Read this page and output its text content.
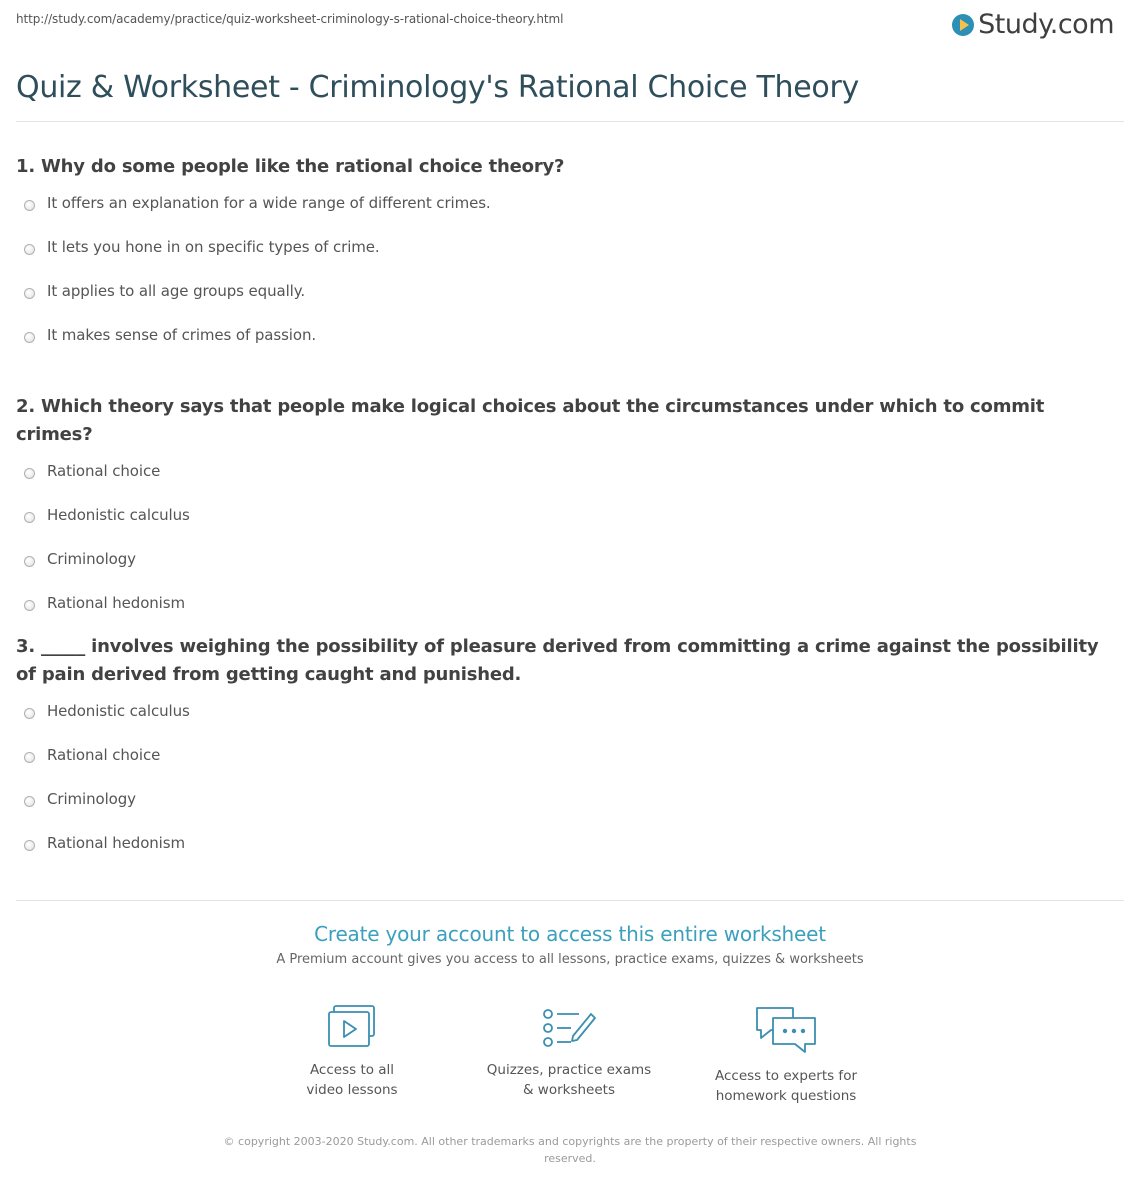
http://study.com/academy/practice/quiz-worksheet-criminology-s-rational-choice-theory.html	Study.com
Quiz & Worksheet - Criminology's Rational Choice Theory
1. Why do some people like the rational choice theory?
It offers an explanation for a wide range of different crimes.
It lets you hone in on specific types of crime.
It applies to all age groups equally.
It makes sense of crimes of passion.
2. Which theory says that people make logical choices about the circumstances under which to commit crimes?
Rational choice
Hedonistic calculus
Criminology
Rational hedonism
3. _____ involves weighing the possibility of pleasure derived from committing a crime against the possibility of pain derived from getting caught and punished.
Hedonistic calculus
Rational choice
Criminology
Rational hedonism
Create your account to access this entire worksheet
A Premium account gives you access to all lessons, practice exams, quizzes & worksheets
Access to all
video lessons
Quizzes, practice exams
& worksheets
Access to experts for
homework questions
© copyright 2003-2020 Study.com. All other trademarks and copyrights are the property of their respective owners. All rights
reserved.
